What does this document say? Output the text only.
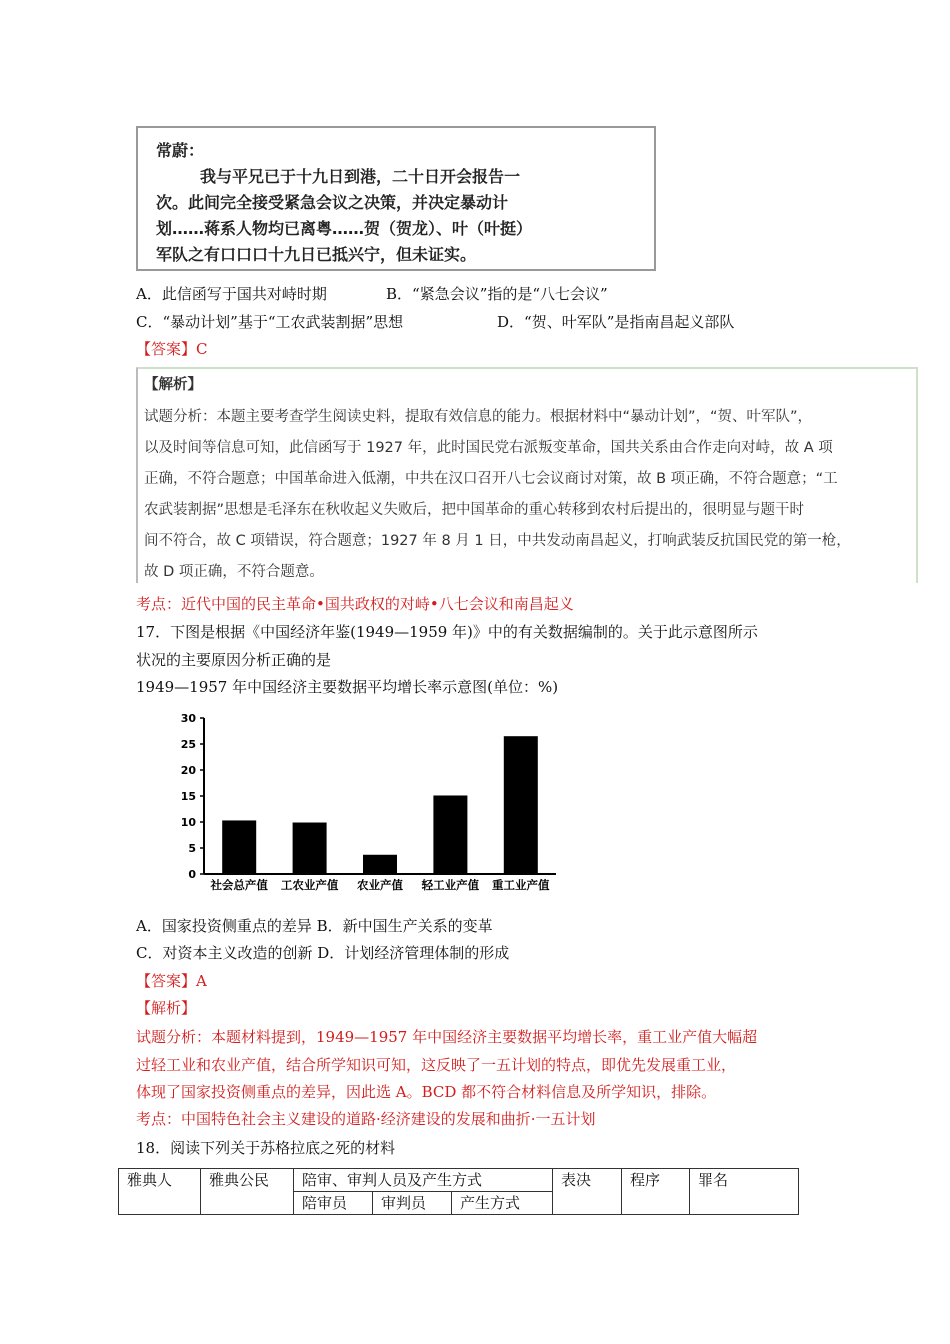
常蔚：
我与平兄已于十九日到港，二十日开会报告一
次。此间完全接受紧急会议之决策，并决定暴动计
划……蒋系人物均已离粤……贺（贺龙）、叶（叶挺）
军队之有口口口十九日已抵兴宁，但未证实。
A．此信函写于国共对峙时期	B．“紧急会议”指的是“八七会议”
C．“暴动计划”基于“工农武装割据”思想	D．“贺、叶军队”是指南昌起义部队
【答案】C
【解析】
试题分析：本题主要考查学生阅读史料，提取有效信息的能力。根据材料中“暴动计划”，“贺、叶军队”，
以及时间等信息可知，此信函写于 1927 年，此时国民党右派叛变革命，国共关系由合作走向对峙，故 A 项
正确，不符合题意；中国革命进入低潮，中共在汉口召开八七会议商讨对策，故 B 项正确，不符合题意；“工
农武装割据”思想是毛泽东在秋收起义失败后，把中国革命的重心转移到农村后提出的，很明显与题干时
间不符合，故 C 项错误，符合题意；1927 年 8 月 1 日，中共发动南昌起义，打响武装反抗国民党的第一枪，
故 D 项正确，不符合题意。
考点：近代中国的民主革命•国共政权的对峙•八七会议和南昌起义
17．下图是根据《中国经济年鉴(1949—1959 年)》中的有关数据编制的。关于此示意图所示
状况的主要原因分析正确的是
1949—1957 年中国经济主要数据平均增长率示意图(单位：%)
0
5
10
15
20
25
30
社会总产值 工农业产值 农业产值 轻工业产值 重工业产值
A．国家投资侧重点的差异 B．新中国生产关系的变革
C．对资本主义改造的创新 D．计划经济管理体制的形成
【答案】A
【解析】
试题分析：本题材料提到，1949—1957 年中国经济主要数据平均增长率，重工业产值大幅超
过轻工业和农业产值，结合所学知识可知，这反映了一五计划的特点，即优先发展重工业，
体现了国家投资侧重点的差异，因此选 A。BCD 都不符合材料信息及所学知识，排除。
考点：中国特色社会主义建设的道路·经济建设的发展和曲折·一五计划
18．阅读下列关于苏格拉底之死的材料
雅典人	雅典公民	陪审、审判人员及产生方式			表决	程序	罪名
		陪审员	审判员	产生方式			
